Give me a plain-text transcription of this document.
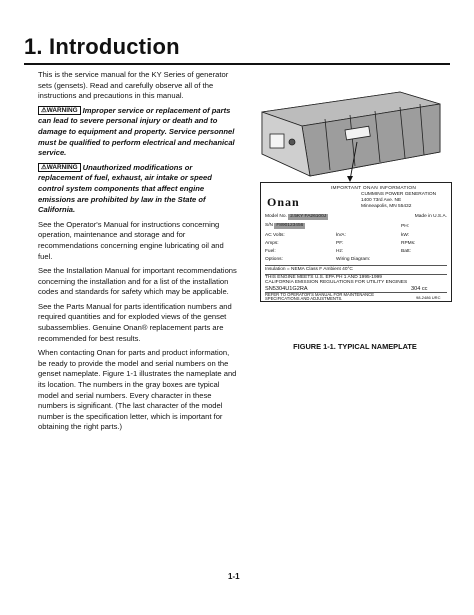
1. Introduction

This is the service manual for the KY Series of generator sets (gensets). Read and carefully observe all of the instructions and precautions in this manual.

⚠WARNING Improper service or replacement of parts can lead to severe personal injury or death and to damage to equipment and property. Service personnel must be qualified to perform electrical and mechanical service.

⚠WARNING Unauthorized modifications or replacement of fuel, exhaust, air intake or speed control system components that affect engine emissions are prohibited by law in the State of California.

See the Operator's Manual for instructions concerning operation, maintenance and storage and for recommendations concerning engine lubricating oil and fuel.

See the Installation Manual for important recommendations concerning the installation and for a list of the installation codes and standards for safety which may be applicable.

See the Parts Manual for parts identification numbers and required quantities and for exploded views of the genset subassemblies. Genuine Onan® replacement parts are recommended for best results.

When contacting Onan for parts and product information, be ready to provide the model and serial numbers on the genset nameplate. Figure 1-1 illustrates the nameplate and its location. The numbers in the gray boxes are typical model and serial numbers. Every character in these numbers is significant. (The last character of the model number is the specification letter, which is important for obtaining the right parts.)

IMPORTANT ONAN INFORMATION
CUMMINS POWER GENERATION
1400 73rd Ave. NE
Minneapolis, MN 55432
Onan
Made in U.S.A.
Model No. 2.5KY FA26100J
S/N F890123456	PH:
AC Volts:	kVA:	kW:
Amps:	PF:	RPMs:
Fuel:	Hz:	Batt:
Options:	Wiring Diagram:
Insulation = NEMA Class F Ambient 40°C
THIS ENGINE MEETS U.S. EPA PH 1 AND 1995-1999
CALIFORNIA EMISSION REGULATIONS FOR UTILITY ENGINES
SN5304U1G2RA	304 cc
REFER TO OPERATOR'S MANUAL FOR MAINTENANCE
SPECIFICATIONS AND ADJUSTMENTS.	98-2486 URC
FIGURE 1-1. TYPICAL NAMEPLATE
1-1
